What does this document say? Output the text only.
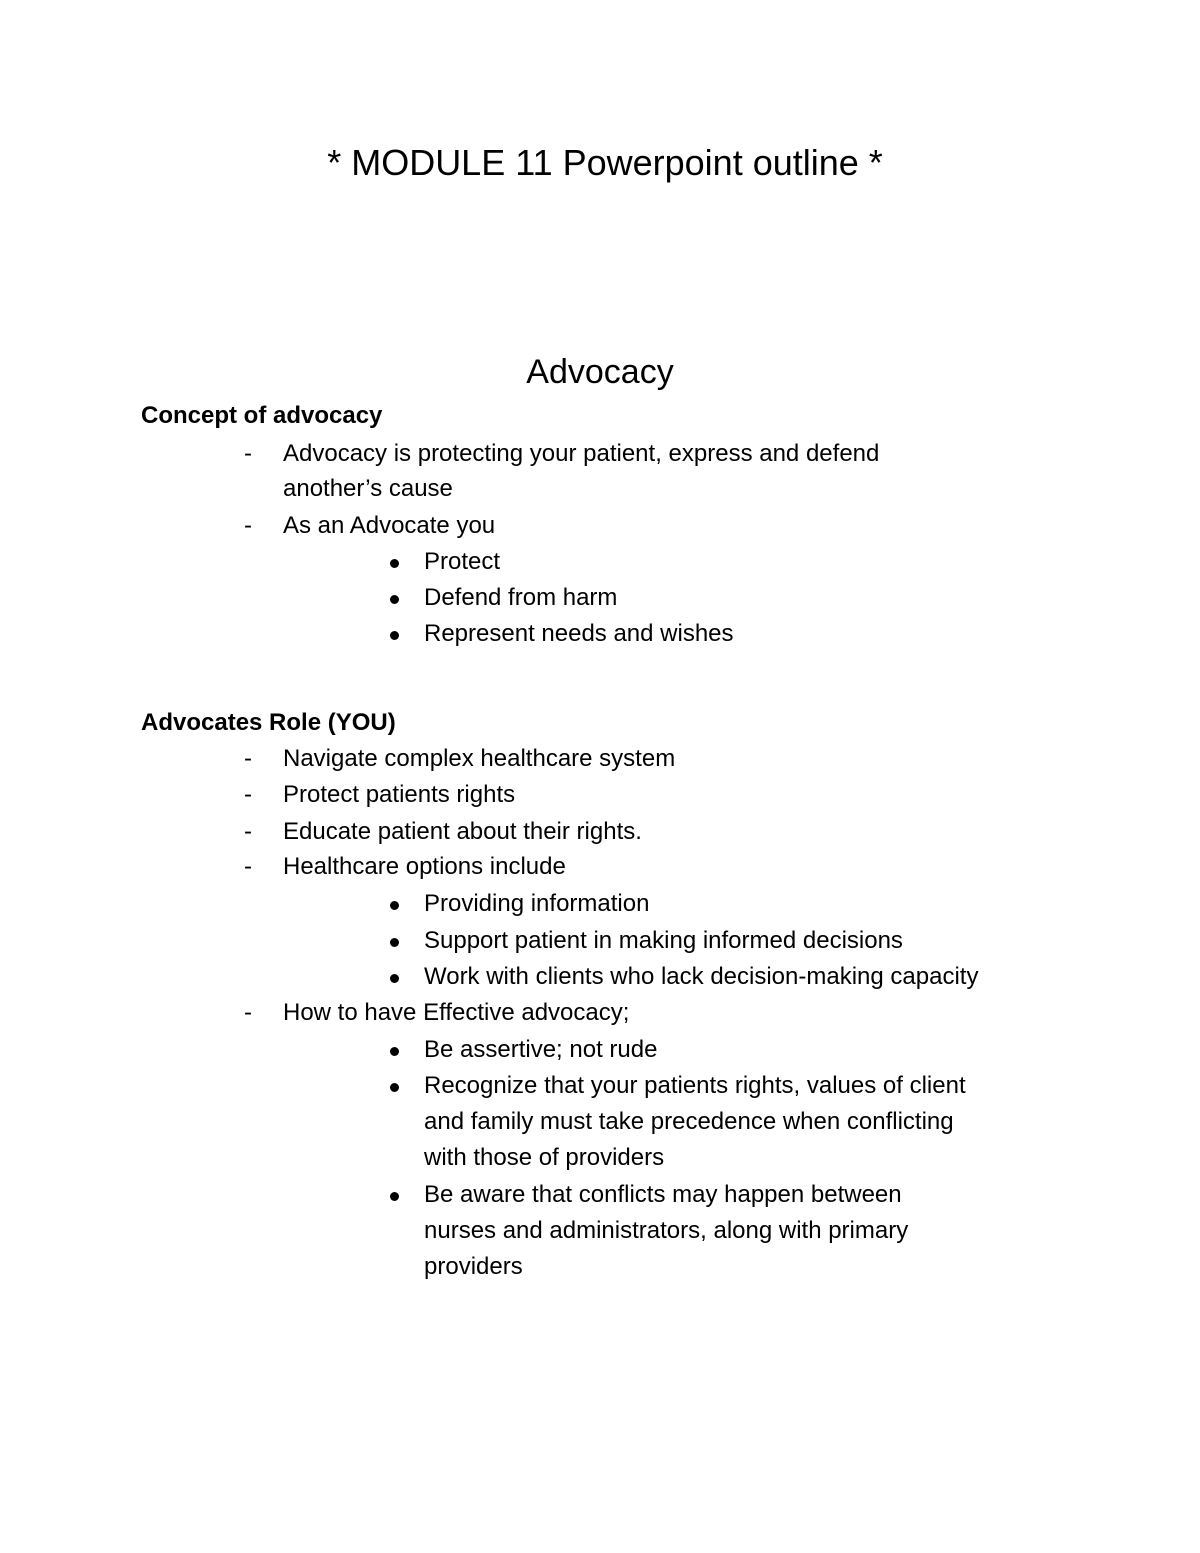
* MODULE 11 Powerpoint outline *
Advocacy
Concept of advocacy
- Advocacy is protecting your patient, express and defend
another’s cause
- As an Advocate you
Protect
Defend from harm
Represent needs and wishes
Advocates Role (YOU)
- Navigate complex healthcare system
- Protect patients rights
- Educate patient about their rights.
- Healthcare options include
Providing information
Support patient in making informed decisions
Work with clients who lack decision-making capacity
- How to have Effective advocacy;
Be assertive; not rude
Recognize that your patients rights, values of client
and family must take precedence when conflicting
with those of providers
Be aware that conflicts may happen between
nurses and administrators, along with primary
providers
